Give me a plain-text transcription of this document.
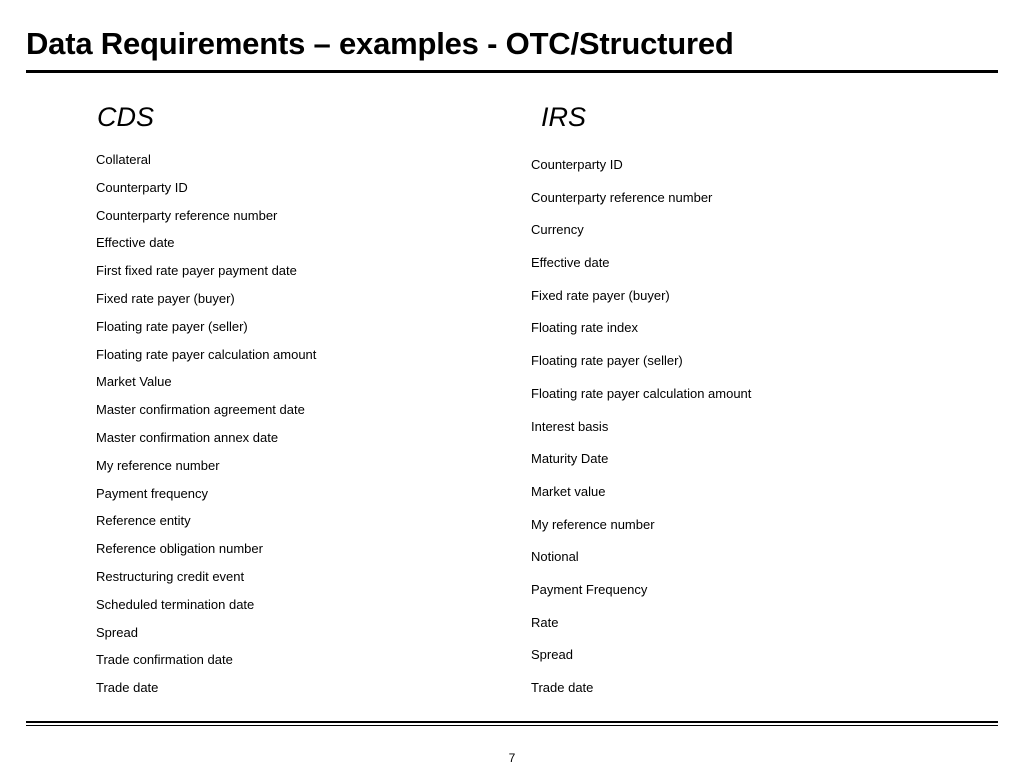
Data Requirements – examples - OTC/Structured
CDS	IRS
Collateral
Counterparty ID
Counterparty reference number
Effective date
First fixed rate payer payment date
Fixed rate payer (buyer)
Floating rate payer (seller)
Floating rate payer calculation amount
Market Value
Master confirmation agreement date
Master confirmation annex date
My reference number
Payment frequency
Reference entity
Reference obligation number
Restructuring credit event
Scheduled termination date
Spread
Trade confirmation date
Trade date
Counterparty ID
Counterparty reference number
Currency
Effective date
Fixed rate payer (buyer)
Floating rate index
Floating rate payer (seller)
Floating rate payer calculation amount
Interest basis
Maturity Date
Market value
My reference number
Notional
Payment Frequency
Rate
Spread
Trade date
7
